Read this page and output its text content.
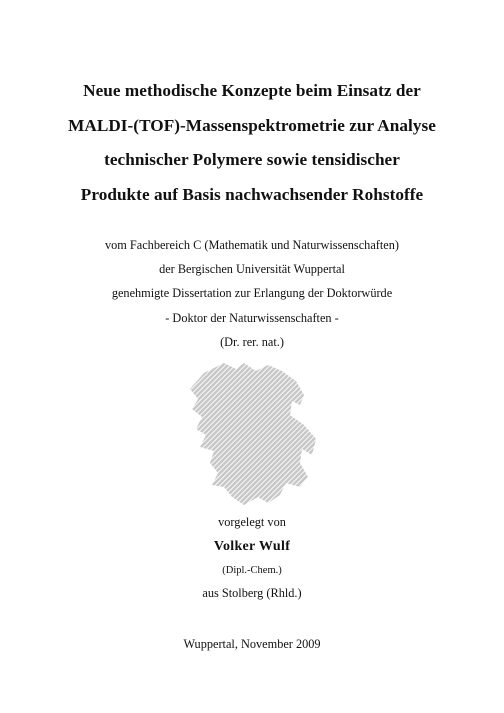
Neue methodische Konzepte beim Einsatz der
MALDI-(TOF)-Massenspektrometrie zur Analyse
technischer Polymere sowie tensidischer
Produkte auf Basis nachwachsender Rohstoffe
vom Fachbereich C (Mathematik und Naturwissenschaften)
der Bergischen Universität Wuppertal
genehmigte Dissertation zur Erlangung der Doktorwürde
- Doktor der Naturwissenschaften -
(Dr. rer. nat.)
vorgelegt von
Volker Wulf
(Dipl.-Chem.)
aus Stolberg (Rhld.)
Wuppertal, November 2009
